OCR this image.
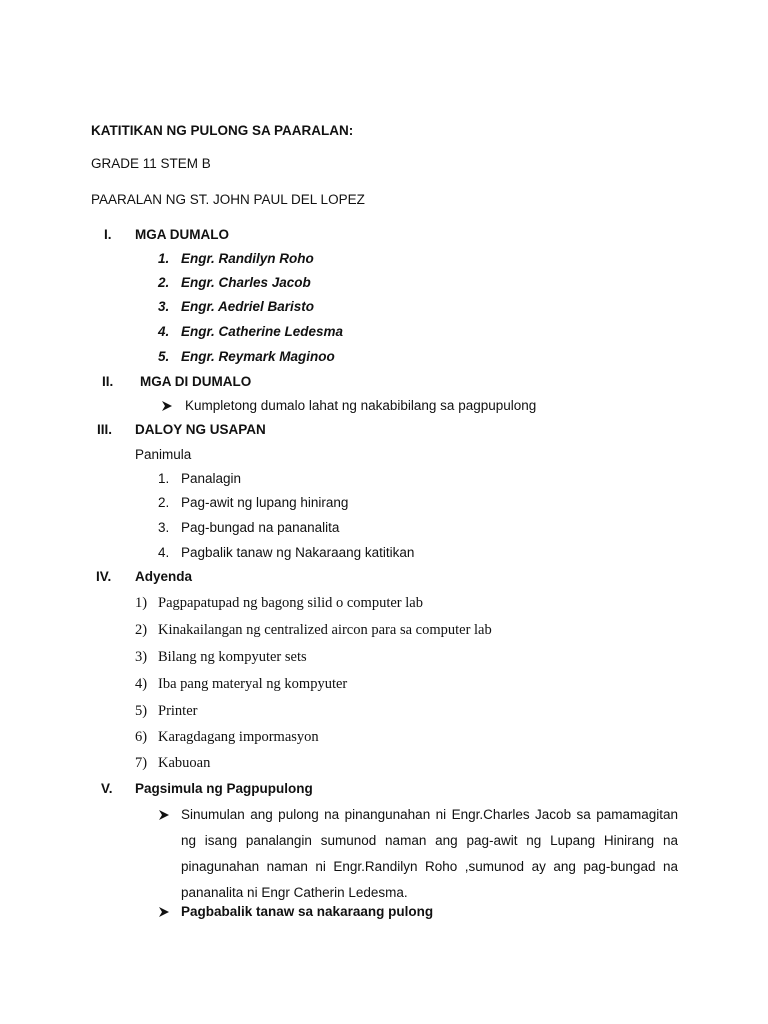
KATITIKAN NG PULONG SA PAARALAN:
GRADE 11 STEM B
PAARALAN NG ST. JOHN PAUL DEL LOPEZ
I. MGA DUMALO
1. Engr. Randilyn Roho
2. Engr. Charles Jacob
3. Engr. Aedriel Baristo
4. Engr. Catherine Ledesma
5. Engr. Reymark Maginoo
II. MGA DI DUMALO
Kumpletong dumalo lahat ng nakabibilang sa pagpupulong
III. DALOY NG USAPAN
Panimula
1. Panalagin
2. Pag-awit ng lupang hinirang
3. Pag-bungad na pananalita
4. Pagbalik tanaw ng Nakaraang katitikan
IV. Adyenda
1) Pagpapatupad ng bagong silid o computer lab
2) Kinakailangan ng centralized aircon para sa computer lab
3) Bilang ng kompyuter sets
4) Iba pang materyal ng kompyuter
5) Printer
6) Karagdagang impormasyon
7) Kabuoan
V. Pagsimula ng Pagpupulong
Sinumulan ang pulong na pinangunahan ni Engr.Charles Jacob sa pamamagitan ng isang panalangin sumunod naman ang pag-awit ng Lupang Hinirang na pinagunahan naman ni Engr.Randilyn Roho ,sumunod ay ang pag-bungad na pananalita ni Engr Catherin Ledesma.
Pagbabalik tanaw sa nakaraang pulong
